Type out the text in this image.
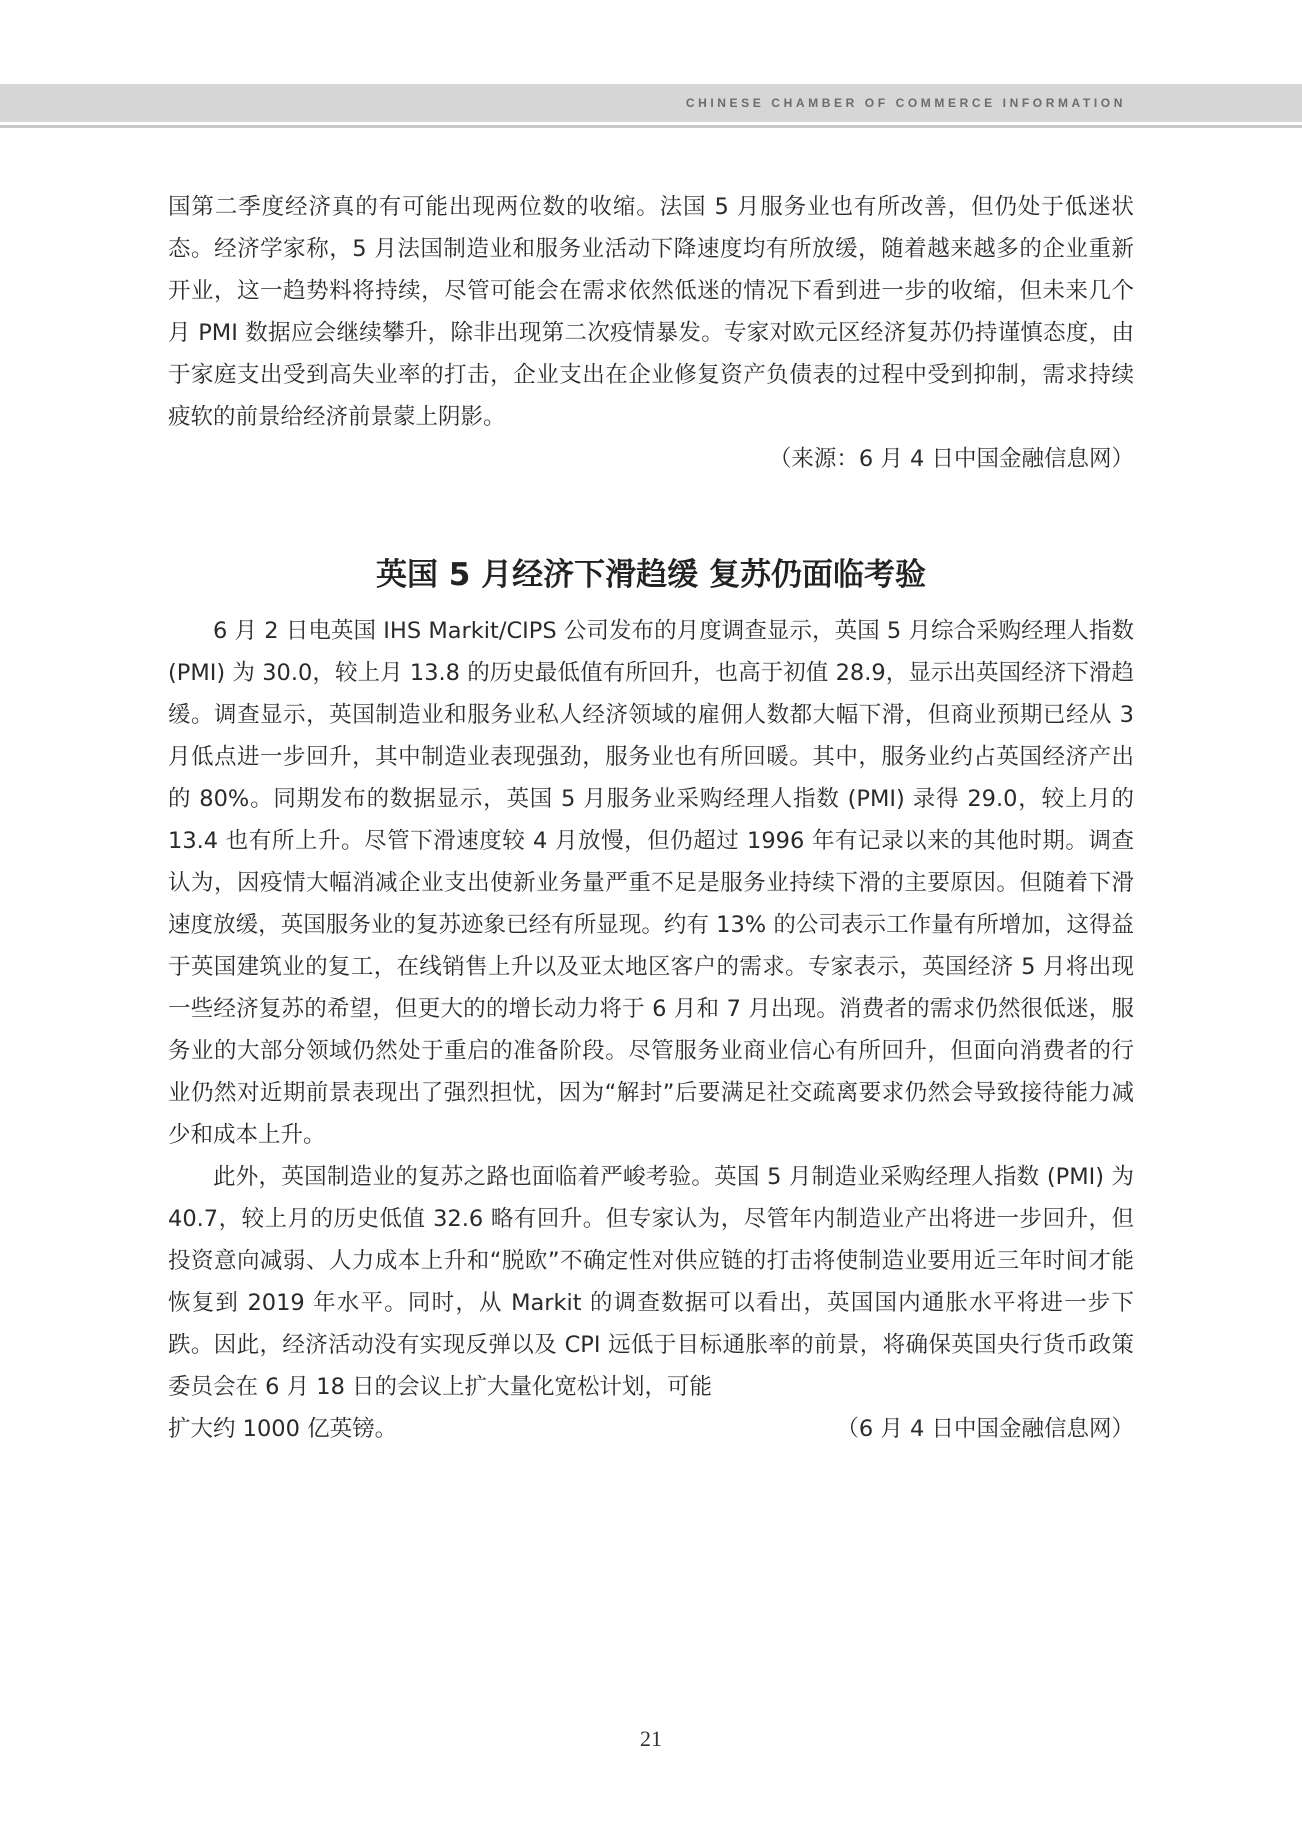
CHINESE CHAMBER OF COMMERCE INFORMATION

国第二季度经济真的有可能出现两位数的收缩。法国 5 月服务业也有所改善，但仍处于低迷状态。经济学家称，5 月法国制造业和服务业活动下降速度均有所放缓，随着越来越多的企业重新开业，这一趋势料将持续，尽管可能会在需求依然低迷的情况下看到进一步的收缩，但未来几个月 PMI 数据应会继续攀升，除非出现第二次疫情暴发。专家对欧元区经济复苏仍持谨慎态度，由于家庭支出受到高失业率的打击，企业支出在企业修复资产负债表的过程中受到抑制，需求持续疲软的前景给经济前景蒙上阴影。

（来源：6 月 4 日中国金融信息网）

英国 5 月经济下滑趋缓 复苏仍面临考验

6 月 2 日电英国 IHS Markit/CIPS 公司发布的月度调查显示，英国 5 月综合采购经理人指数 (PMI) 为 30.0，较上月 13.8 的历史最低值有所回升，也高于初值 28.9，显示出英国经济下滑趋缓。调查显示，英国制造业和服务业私人经济领域的雇佣人数都大幅下滑，但商业预期已经从 3 月低点进一步回升，其中制造业表现强劲，服务业也有所回暖。其中，服务业约占英国经济产出的 80%。同期发布的数据显示，英国 5 月服务业采购经理人指数 (PMI) 录得 29.0，较上月的 13.4 也有所上升。尽管下滑速度较 4 月放慢，但仍超过 1996 年有记录以来的其他时期。调查认为，因疫情大幅消减企业支出使新业务量严重不足是服务业持续下滑的主要原因。但随着下滑速度放缓，英国服务业的复苏迹象已经有所显现。约有 13% 的公司表示工作量有所增加，这得益于英国建筑业的复工，在线销售上升以及亚太地区客户的需求。专家表示，英国经济 5 月将出现一些经济复苏的希望，但更大的的增长动力将于 6 月和 7 月出现。消费者的需求仍然很低迷，服务业的大部分领域仍然处于重启的准备阶段。尽管服务业商业信心有所回升，但面向消费者的行业仍然对近期前景表现出了强烈担忧，因为“解封”后要满足社交疏离要求仍然会导致接待能力减少和成本上升。

此外，英国制造业的复苏之路也面临着严峻考验。英国 5 月制造业采购经理人指数 (PMI) 为 40.7，较上月的历史低值 32.6 略有回升。但专家认为，尽管年内制造业产出将进一步回升，但投资意向减弱、人力成本上升和“脱欧”不确定性对供应链的打击将使制造业要用近三年时间才能恢复到 2019 年水平。同时，从 Markit 的调查数据可以看出，英国国内通胀水平将进一步下跌。因此，经济活动没有实现反弹以及 CPI 远低于目标通胀率的前景，将确保英国央行货币政策委员会在 6 月 18 日的会议上扩大量化宽松计划，可能

扩大约 1000 亿英镑。	（6 月 4 日中国金融信息网）
21
